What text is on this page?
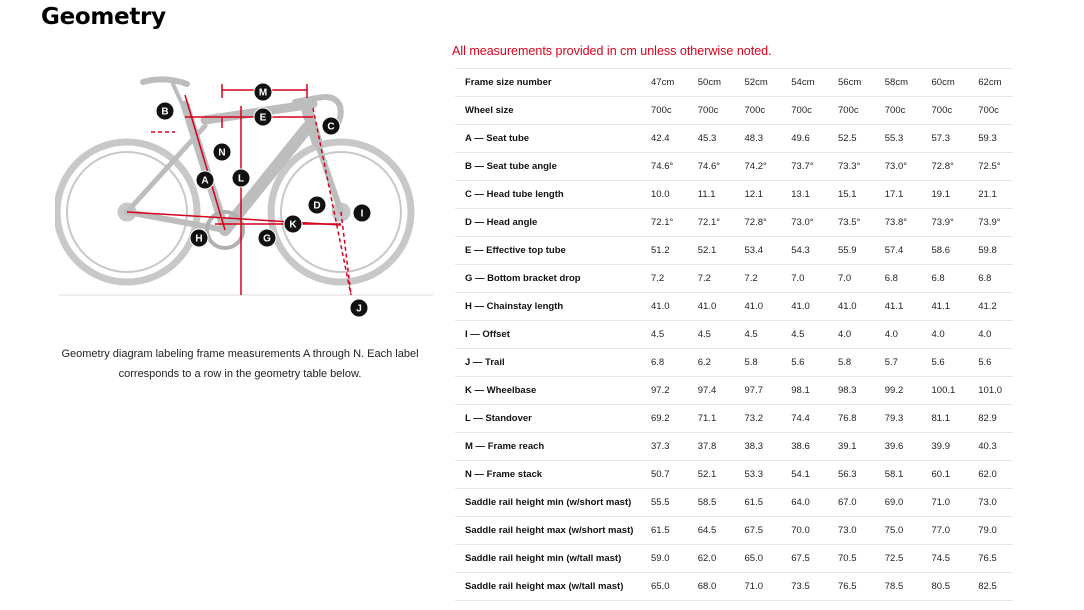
Geometry
B
M
E
C
N
A	L
D
I
K
H	G
J
Geometry diagram labeling frame measurements A through N. Each label corresponds to a row in the geometry table below.
All measurements provided in cm unless otherwise noted.
Frame size number	47cm	50cm	52cm	54cm	56cm	58cm	60cm	62cm
Wheel size	700c	700c	700c	700c	700c	700c	700c	700c
A — Seat tube	42.4	45.3	48.3	49.6	52.5	55.3	57.3	59.3
B — Seat tube angle	74.6°	74.6°	74.2°	73.7°	73.3°	73.0°	72.8°	72.5°
C — Head tube length	10.0	11.1	12.1	13.1	15.1	17.1	19.1	21.1
D — Head angle	72.1°	72.1°	72.8°	73.0°	73.5°	73.8°	73.9°	73.9°
E — Effective top tube	51.2	52.1	53.4	54.3	55.9	57.4	58.6	59.8
G — Bottom bracket drop	7.2	7.2	7.2	7.0	7.0	6.8	6.8	6.8
H — Chainstay length	41.0	41.0	41.0	41.0	41.0	41.1	41.1	41.2
I — Offset	4.5	4.5	4.5	4.5	4.0	4.0	4.0	4.0
J — Trail	6.8	6.2	5.8	5.6	5.8	5.7	5.6	5.6
K — Wheelbase	97.2	97.4	97.7	98.1	98.3	99.2	100.1	101.0
L — Standover	69.2	71.1	73.2	74.4	76.8	79.3	81.1	82.9
M — Frame reach	37.3	37.8	38.3	38.6	39.1	39.6	39.9	40.3
N — Frame stack	50.7	52.1	53.3	54.1	56.3	58.1	60.1	62.0
Saddle rail height min (w/short mast)	55.5	58.5	61.5	64.0	67.0	69.0	71.0	73.0
Saddle rail height max (w/short mast)	61.5	64.5	67.5	70.0	73.0	75.0	77.0	79.0
Saddle rail height min (w/tall mast)	59.0	62.0	65.0	67.5	70.5	72.5	74.5	76.5
Saddle rail height max (w/tall mast)	65.0	68.0	71.0	73.5	76.5	78.5	80.5	82.5
